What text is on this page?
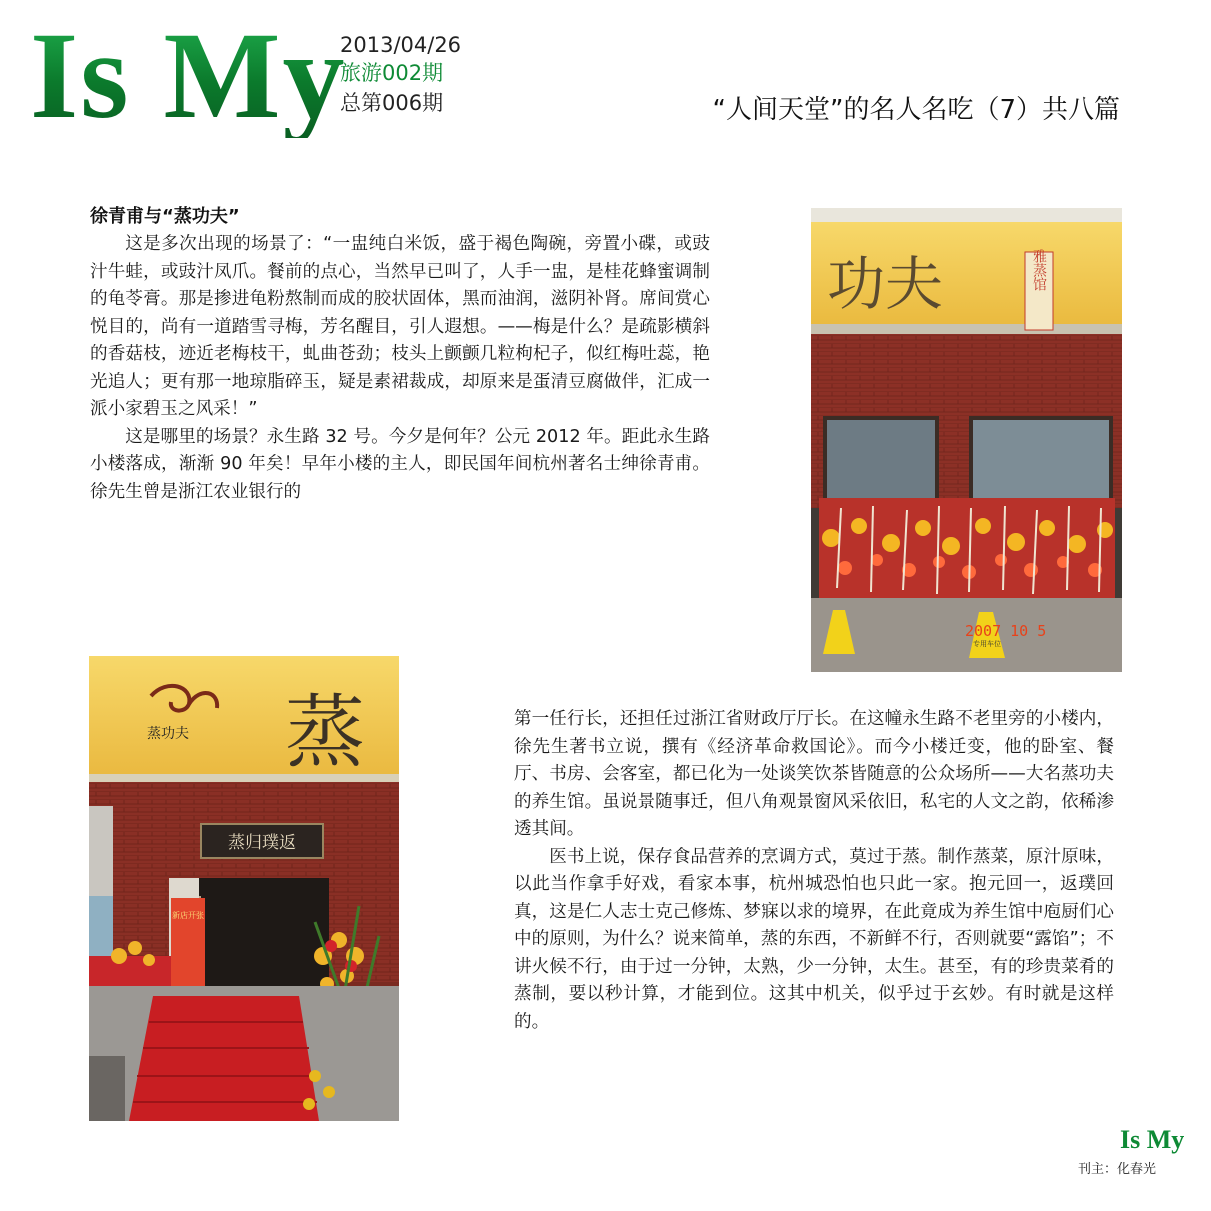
Is My
2013/04/26
旅游002期
总第006期	“人间天堂”的名人名吃（7）共八篇
徐青甫与“蒸功夫”

这是多次出现的场景了：“一盅纯白米饭，盛于褐色陶碗，旁置小碟，或豉汁牛蛙，或豉汁凤爪。餐前的点心，当然早已叫了，人手一盅，是桂花蜂蜜调制的龟苓膏。那是掺进龟粉熬制而成的胶状固体，黑而油润，滋阴补肾。席间赏心悦目的，尚有一道踏雪寻梅，芳名醒目，引人遐想。——梅是什么？是疏影横斜的香菇枝，迹近老梅枝干，虬曲苍劲；枝头上颤颤几粒枸杞子，似红梅吐蕊，艳光追人；更有那一地琼脂碎玉，疑是素裙裁成，却原来是蛋清豆腐做伴，汇成一派小家碧玉之风采！”

这是哪里的场景？永生路 32 号。今夕是何年？公元 2012 年。距此永生路小楼落成，渐渐 90 年矣！早年小楼的主人，即民国年间杭州著名士绅徐青甫。徐先生曾是浙江农业银行的

第一任行长，还担任过浙江省财政厅厅长。在这幢永生路不老里旁的小楼内，徐先生著书立说，撰有《经济革命救国论》。而今小楼迁变，他的卧室、餐厅、书房、会客室，都已化为一处谈笑饮茶皆随意的公众场所——大名蒸功夫的养生馆。虽说景随事迁，但八角观景窗风采依旧，私宅的人文之韵，依稀渗透其间。

医书上说，保存食品营养的烹调方式，莫过于蒸。制作蒸菜，原汁原味，以此当作拿手好戏，看家本事，杭州城恐怕也只此一家。抱元回一，返璞回真，这是仁人志士克己修炼、梦寐以求的境界，在此竟成为养生馆中庖厨们心中的原则，为什么？说来简单，蒸的东西，不新鲜不行，否则就要“露馅”；不讲火候不行，由于过一分钟，太熟，少一分钟，太生。甚至，有的珍贵菜肴的蒸制，要以秒计算，才能到位。这其中机关，似乎过于玄妙。有时就是这样的。

功夫	雅蒸馆
专用车位
2007 10 5
蒸功夫 蒸
蒸归璞返
新店开张
Is My
刊主：化春光
